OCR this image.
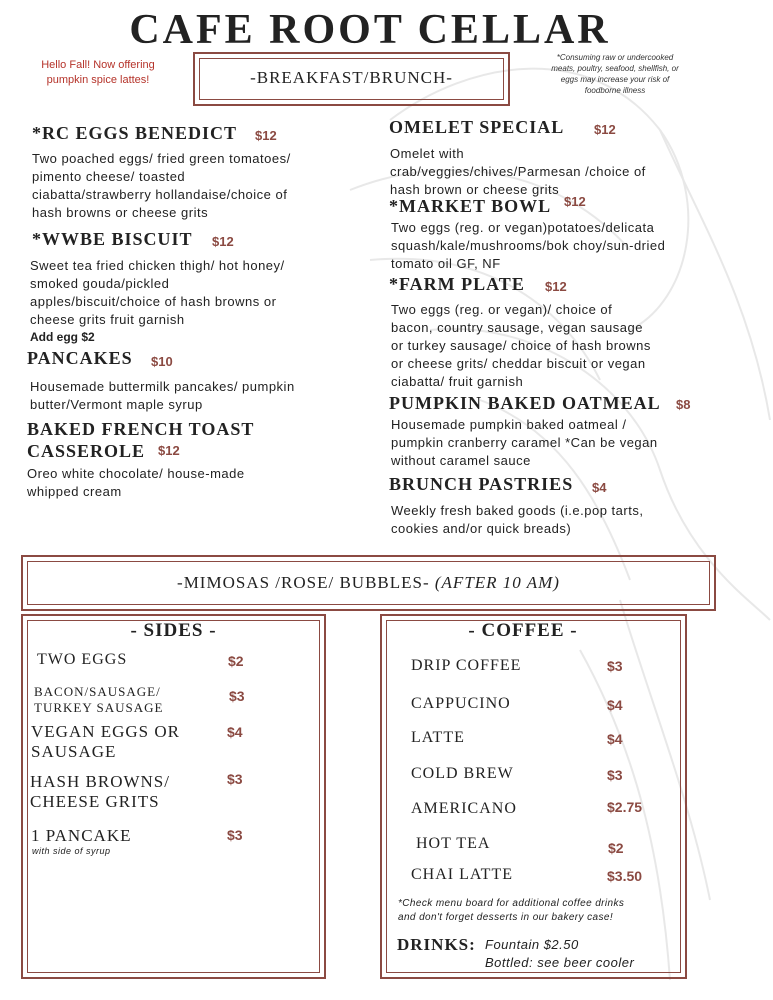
CAFE ROOT CELLAR
Hello Fall! Now offering
pumpkin spice lattes!	-BREAKFAST/BRUNCH-
*Consuming raw or undercooked
meats, poultry, seafood, shellfish, or
eggs may increase your risk of
foodborne illness
*RC EGGS BENEDICT $12
Two poached eggs/ fried green tomatoes/
pimento cheese/ toasted
ciabatta/strawberry hollandaise/choice of
hash browns or cheese grits
*WWBE BISCUIT $12
Sweet tea fried chicken thigh/ hot honey/
smoked gouda/pickled
apples/biscuit/choice of hash browns or
cheese grits fruit garnish
Add egg $2
PANCAKES $10
Housemade buttermilk pancakes/ pumpkin
butter/Vermont maple syrup
BAKED FRENCH TOAST
CASSEROLE $12
Oreo white chocolate/ house-made
whipped cream
OMELET SPECIAL $12
Omelet with
crab/veggies/chives/Parmesan /choice of
hash brown or cheese grits
*MARKET BOWL $12
Two eggs (reg. or vegan)potatoes/delicata
squash/kale/mushrooms/bok choy/sun-dried
tomato oil GF, NF
*FARM PLATE $12
Two eggs (reg. or vegan)/ choice of
bacon, country sausage, vegan sausage
or turkey sausage/ choice of hash browns
or cheese grits/ cheddar biscuit or vegan
ciabatta/ fruit garnish
PUMPKIN BAKED OATMEAL $8
Housemade pumpkin baked oatmeal /
pumpkin cranberry caramel *Can be vegan
without caramel sauce
BRUNCH PASTRIES $4
Weekly fresh baked goods (i.e.pop tarts,
cookies and/or quick breads)
-MIMOSAS /ROSE/ BUBBLES- (AFTER 10 AM)
- SIDES -
TWO EGGS	$2
BACON/SAUSAGE/
TURKEY SAUSAGE
$3
VEGAN EGGS OR
SAUSAGE
$4
HASH BROWNS/
CHEESE GRITS
$3
1 PANCAKE
with side of syrup
$3
- COFFEE -
DRIP COFFEE	$3
CAPPUCINO	$4
LATTE	$4
COLD BREW	$3
AMERICANO	$2.75
HOT TEA	$2
CHAI LATTE	$3.50
*Check menu board for additional coffee drinks
and don't forget desserts in our bakery case!
DRINKS: Fountain $2.50
Bottled: see beer cooler
